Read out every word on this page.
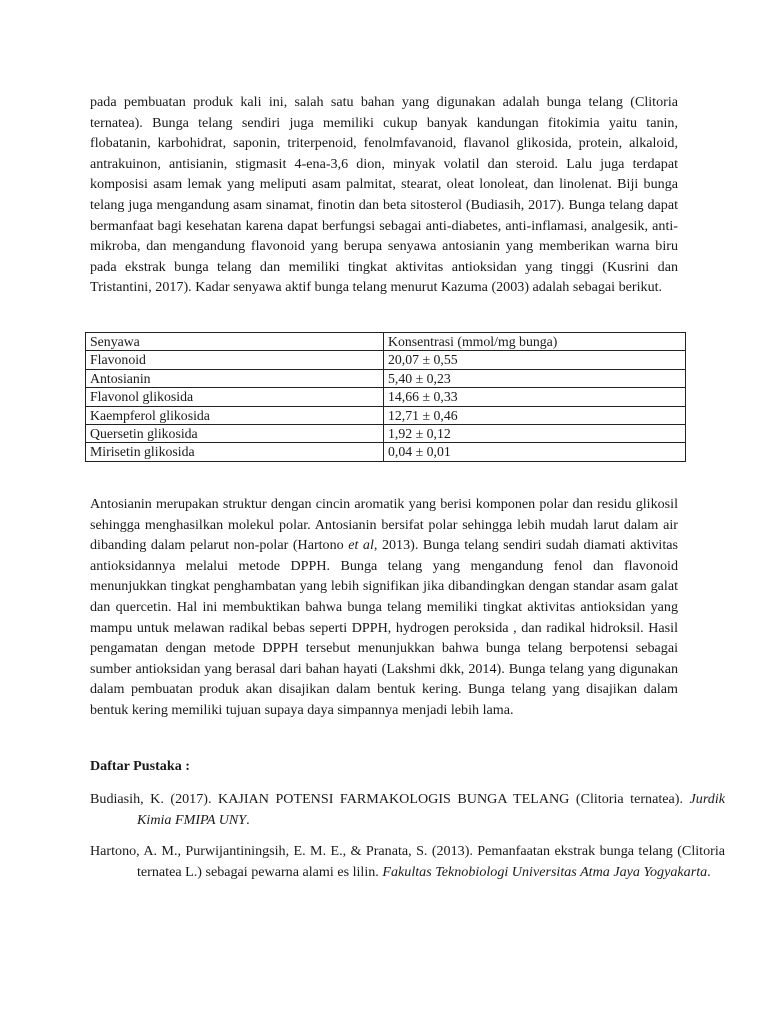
pada pembuatan produk kali ini, salah satu bahan yang digunakan adalah bunga telang (Clitoria ternatea). Bunga telang sendiri juga memiliki cukup banyak kandungan fitokimia yaitu tanin, flobatanin, karbohidrat, saponin, triterpenoid, fenolmfavanoid, flavanol glikosida, protein, alkaloid, antrakuinon, antisianin, stigmasit 4-ena-3,6 dion, minyak volatil dan steroid. Lalu juga terdapat komposisi asam lemak yang meliputi asam palmitat, stearat, oleat lonoleat, dan linolenat. Biji bunga telang juga mengandung asam sinamat, finotin dan beta sitosterol (Budiasih, 2017). Bunga telang dapat bermanfaat bagi kesehatan karena dapat berfungsi sebagai anti-diabetes, anti-inflamasi, analgesik, anti-mikroba, dan mengandung flavonoid yang berupa senyawa antosianin yang memberikan warna biru pada ekstrak bunga telang dan memiliki tingkat aktivitas antioksidan yang tinggi (Kusrini dan Tristantini, 2017). Kadar senyawa aktif bunga telang menurut Kazuma (2003) adalah sebagai berikut.

Senyawa	Konsentrasi (mmol/mg bunga)
Flavonoid	20,07 ± 0,55
Antosianin	5,40 ± 0,23
Flavonol glikosida	14,66 ± 0,33
Kaempferol glikosida	12,71 ± 0,46
Quersetin glikosida	1,92 ± 0,12
Mirisetin glikosida	0,04 ± 0,01

Antosianin merupakan struktur dengan cincin aromatik yang berisi komponen polar dan residu glikosil sehingga menghasilkan molekul polar. Antosianin bersifat polar sehingga lebih mudah larut dalam air dibanding dalam pelarut non-polar (Hartono et al, 2013). Bunga telang sendiri sudah diamati aktivitas antioksidannya melalui metode DPPH. Bunga telang yang mengandung fenol dan flavonoid menunjukkan tingkat penghambatan yang lebih signifikan jika dibandingkan dengan standar asam galat dan quercetin. Hal ini membuktikan bahwa bunga telang memiliki tingkat aktivitas antioksidan yang mampu untuk melawan radikal bebas seperti DPPH, hydrogen peroksida , dan radikal hidroksil. Hasil pengamatan dengan metode DPPH tersebut menunjukkan bahwa bunga telang berpotensi sebagai sumber antioksidan yang berasal dari bahan hayati (Lakshmi dkk, 2014). Bunga telang yang digunakan dalam pembuatan produk akan disajikan dalam bentuk kering. Bunga telang yang disajikan dalam bentuk kering memiliki tujuan supaya daya simpannya menjadi lebih lama.

Daftar Pustaka :

Budiasih, K. (2017). KAJIAN POTENSI FARMAKOLOGIS BUNGA TELANG (Clitoria ternatea). Jurdik Kimia FMIPA UNY.

Hartono, A. M., Purwijantiningsih, E. M. E., & Pranata, S. (2013). Pemanfaatan ekstrak bunga telang (Clitoria ternatea L.) sebagai pewarna alami es lilin. Fakultas Teknobiologi Universitas Atma Jaya Yogyakarta.
